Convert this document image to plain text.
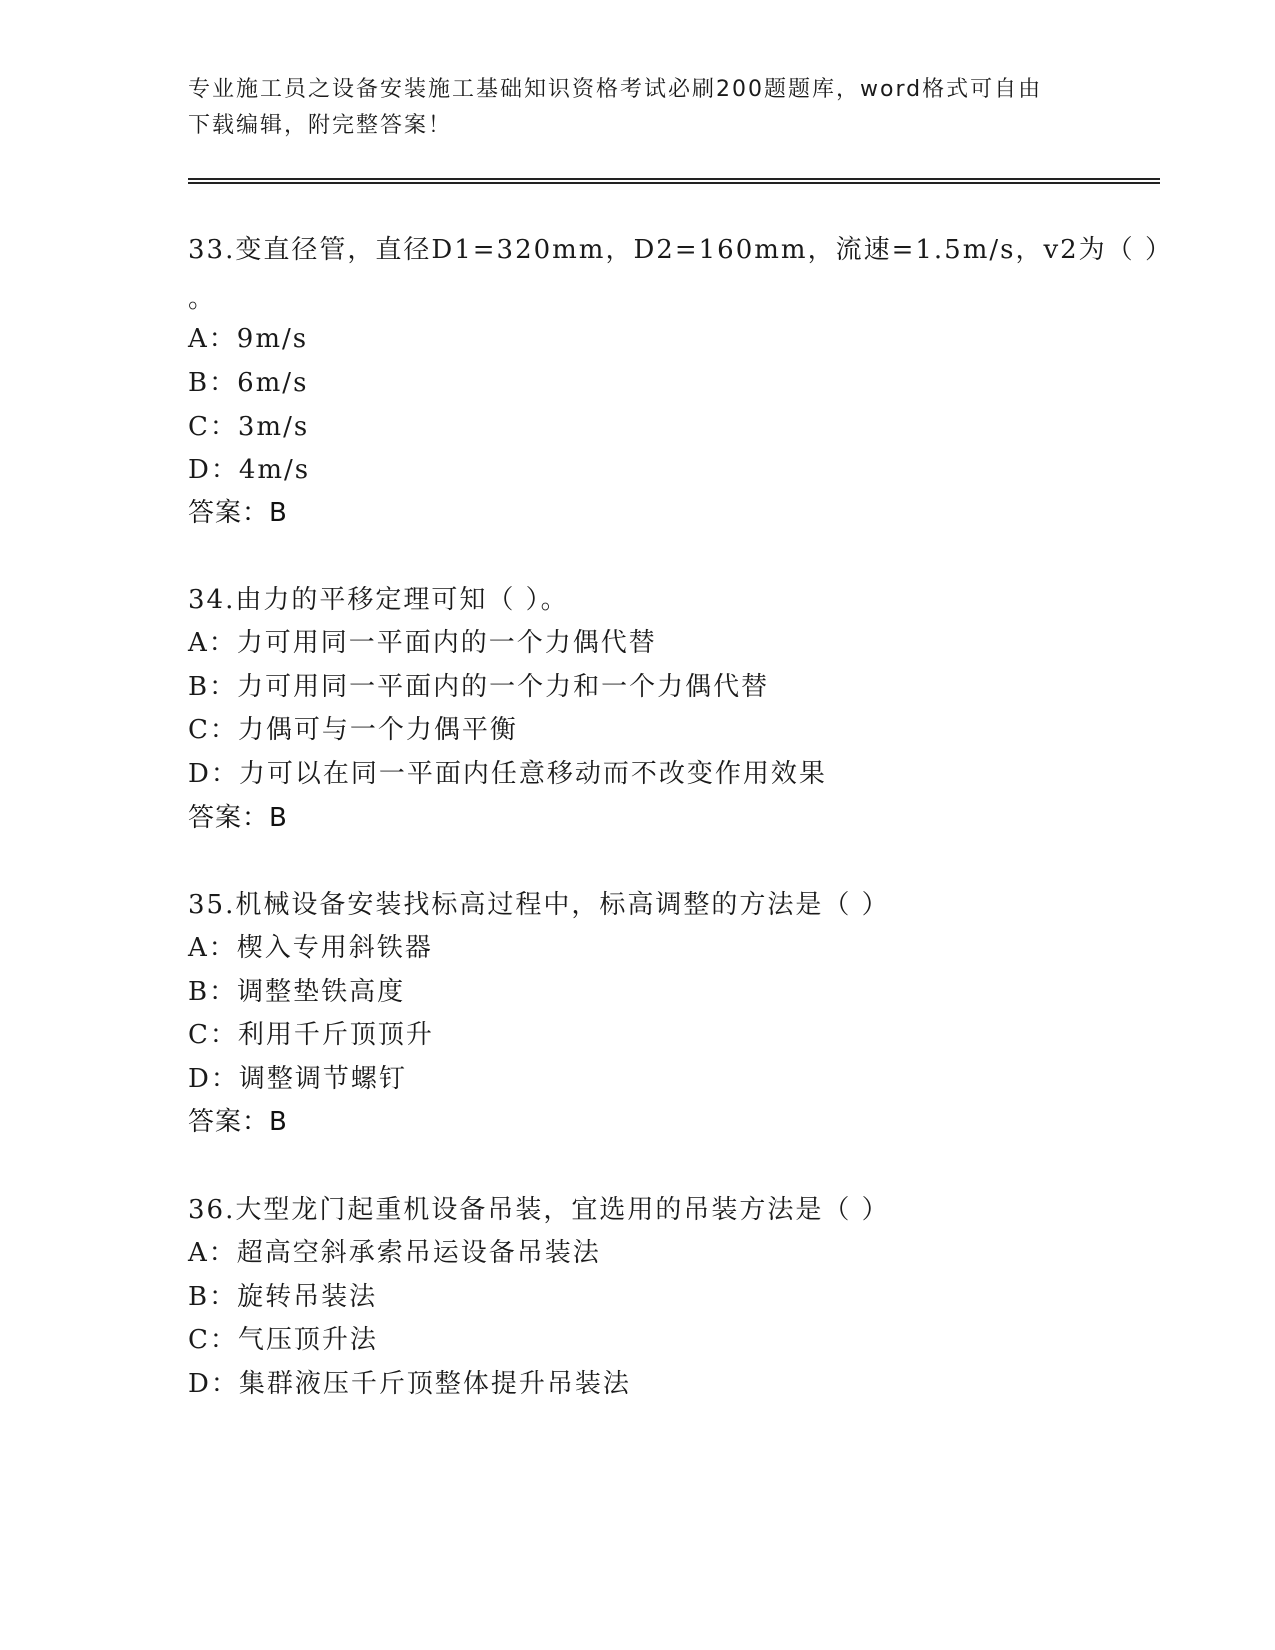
专业施工员之设备安装施工基础知识资格考试必刷200题题库，word格式可自由
下载编辑，附完整答案！
33.变直径管，直径D1=320mm，D2=160mm，流速=1.5m/s，v2为（ ）
。
A：9m/s
B：6m/s
C：3m/s
D：4m/s
答案：B
34.由力的平移定理可知（ ）。
A：力可用同一平面内的一个力偶代替
B：力可用同一平面内的一个力和一个力偶代替
C：力偶可与一个力偶平衡
D：力可以在同一平面内任意移动而不改变作用效果
答案：B
35.机械设备安装找标高过程中，标高调整的方法是（ ）
A：楔入专用斜铁器
B：调整垫铁高度
C：利用千斤顶顶升
D：调整调节螺钉
答案：B
36.大型龙门起重机设备吊装，宜选用的吊装方法是（ ）
A：超高空斜承索吊运设备吊装法
B：旋转吊装法
C：气压顶升法
D：集群液压千斤顶整体提升吊装法
